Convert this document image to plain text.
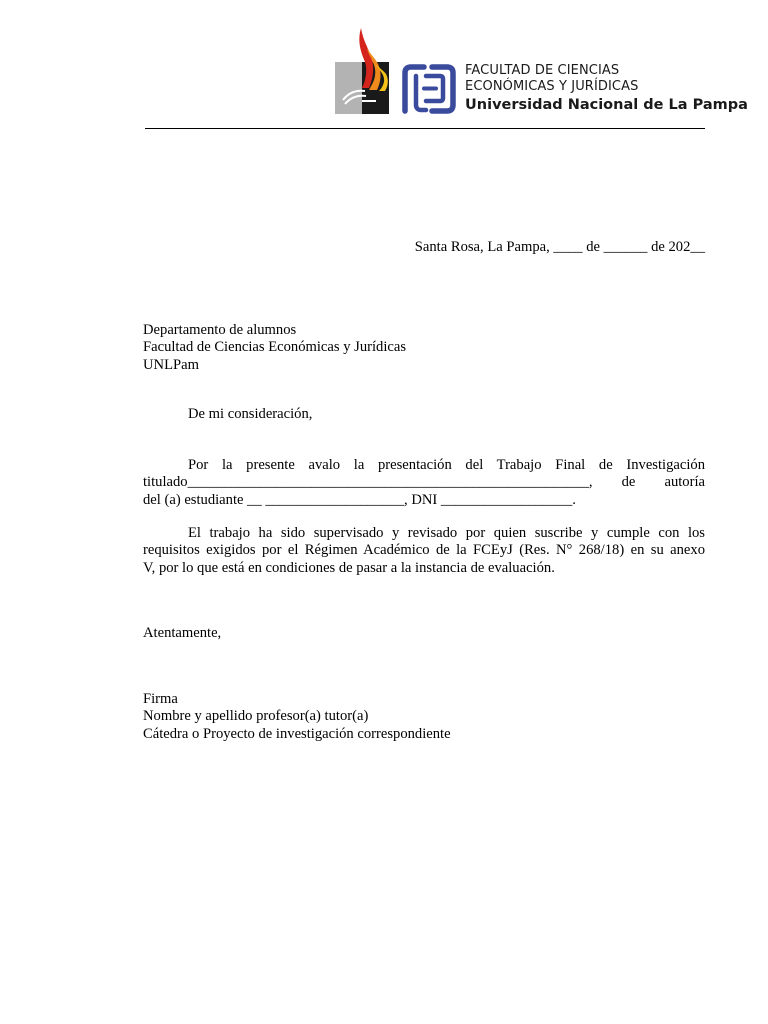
FACULTAD DE CIENCIAS
ECONÓMICAS Y JURÍDICAS
Universidad Nacional de La Pampa
Santa Rosa, La Pampa, ____ de ______ de 202__
Departamento de alumnos
Facultad de Ciencias Económicas y Jurídicas
UNLPam
De mi consideración,
Por la presente avalo la presentación del Trabajo Final de Investigación
titulado_______________________________________________________, de autoría
del (a) estudiante __ ___________________, DNI __________________.
El trabajo ha sido supervisado y revisado por quien suscribe y cumple con los
requisitos exigidos por el Régimen Académico de la FCEyJ (Res. N° 268/18) en su anexo
V, por lo que está en condiciones de pasar a la instancia de evaluación.
Atentamente,
Firma
Nombre y apellido profesor(a) tutor(a)
Cátedra o Proyecto de investigación correspondiente
